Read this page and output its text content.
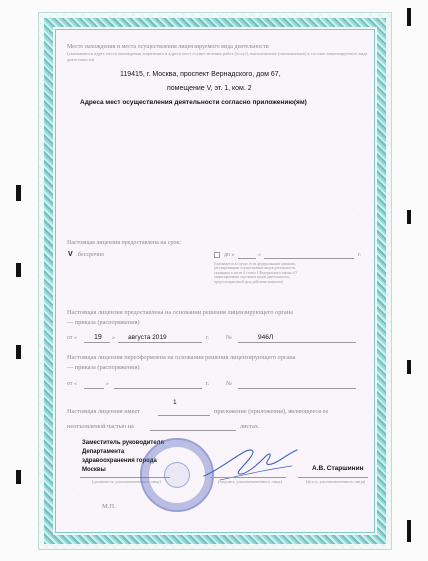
Место нахождения и места осуществления лицензируемого вида деятельности
(указываются адрес места нахождения лицензиата и адреса мест осуществления работ (услуг), выполняемых (оказываемых) в составе лицензируемого вида деятельности)
119415, г. Москва, проспект Вернадского, дом 67,
помещение V, эт. 1, ком. 2
Адреса мест осуществления деятельности согласно приложению(ям)
Настоящая лицензия предоставлена на срок:
V бессрочно	до «	»	г.
(указывается в случае, если федеральными законами, регулирующими осуществление видов деятельности, указанных в части 4 статьи 1 Федерального закона «О лицензировании отдельных видов деятельности», предусмотрен иной срок действия лицензии)
Настоящая лицензия предоставлена на основании решения лицензирующего органа
— приказа (распоряжения)
от « 19 » августа 2019	г.	№	946Л
Настоящая лицензия переоформлена на основании решения лицензирующего органа
— приказа (распоряжения)
от «	»	г.	№
1
Настоящая лицензия имеет	приложение (приложения), являющееся ее
неотъемлемой частью на	листах.
Заместитель руководителя
Департамента
здравоохранения города
Москвы
(должность уполномоченного лица)	(подпись уполномоченного лица)
А.В. Старшинин
(ф.и.о. уполномоченного лица)
М.П.
